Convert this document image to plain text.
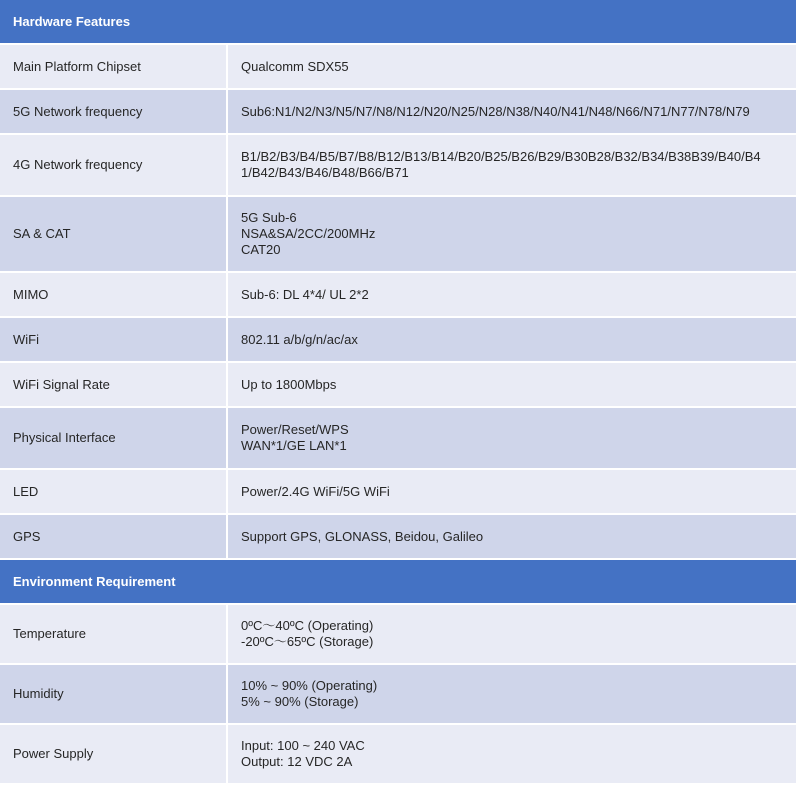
Hardware Features	
Main Platform Chipset	Qualcomm SDX55

5G Network frequency	Sub6:N1/N2/N3/N5/N7/N8/N12/N20/N25/N28/N38/N40/N41/N48/N66/N71/N77/N78/N79

4G Network frequency	B1/B2/B3/B4/B5/B7/B8/B12/B13/B14/B20/B25/B26/B29/B30B28/B32/B34/B38B39/B40/B4
1/B42/B43/B46/B48/B66/B71

SA & CAT	5G Sub-6
NSA&SA/2CC/200MHz
CAT20

MIMO	Sub-6: DL 4*4/ UL 2*2

WiFi	802.11 a/b/g/n/ac/ax

WiFi Signal Rate	Up to 1800Mbps

Physical Interface	Power/Reset/WPS
WAN*1/GE LAN*1

LED	Power/2.4G WiFi/5G WiFi

GPS	Support GPS, GLONASS, Beidou, Galileo

Environment Requirement	
Temperature	0ºC～40ºC (Operating)
-20ºC～65ºC (Storage)

Humidity	10% ~ 90% (Operating)
5% ~ 90% (Storage)

Power Supply	Input: 100 ~ 240 VAC
Output: 12 VDC 2A
